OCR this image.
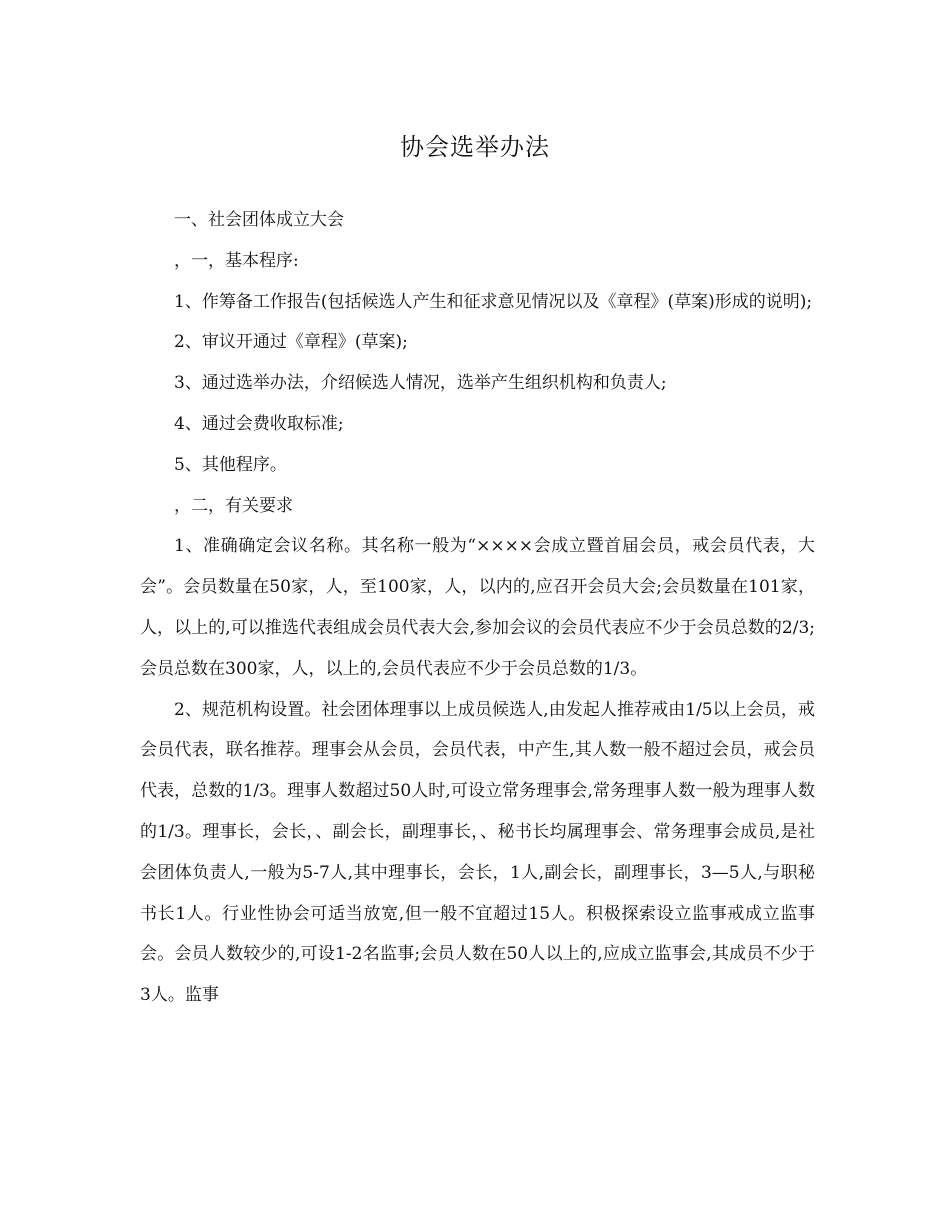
协会选举办法

一、社会团体成立大会

，一，基本程序:

1、作筹备工作报告(包括候选人产生和征求意见情况以及《章程》(草案)形成的说明);

2、审议开通过《章程》(草案);

3、通过选举办法，介绍候选人情况，选举产生组织机构和负责人;

4、通过会费收取标准;

5、其他程序。

，二，有关要求

1、准确确定会议名称。其名称一般为“××××会成立暨首届会员，戒会员代表，大会”。会员数量在50家，人，至100家，人，以内的,应召开会员大会;会员数量在101家，人，以上的,可以推选代表组成会员代表大会,参加会议的会员代表应不少于会员总数的2/3;会员总数在300家，人，以上的,会员代表应不少于会员总数的1/3。

2、规范机构设置。社会团体理事以上成员候选人,由发起人推荐戒由1/5以上会员，戒会员代表，联名推荐。理事会从会员，会员代表，中产生,其人数一般不超过会员，戒会员代表，总数的1/3。理事人数超过50人时,可设立常务理事会,常务理事人数一般为理事人数的1/3。理事长，会长，、副会长，副理事长，、秘书长均属理事会、常务理事会成员,是社会团体负责人,一般为5-7人,其中理事长，会长，1人,副会长，副理事长，3—5人,与职秘书长1人。行业性协会可适当放宽,但一般不宜超过15人。积极探索设立监事戒成立监事会。会员人数较少的,可设1-2名监事;会员人数在50人以上的,应成立监事会,其成员不少于3人。监事
